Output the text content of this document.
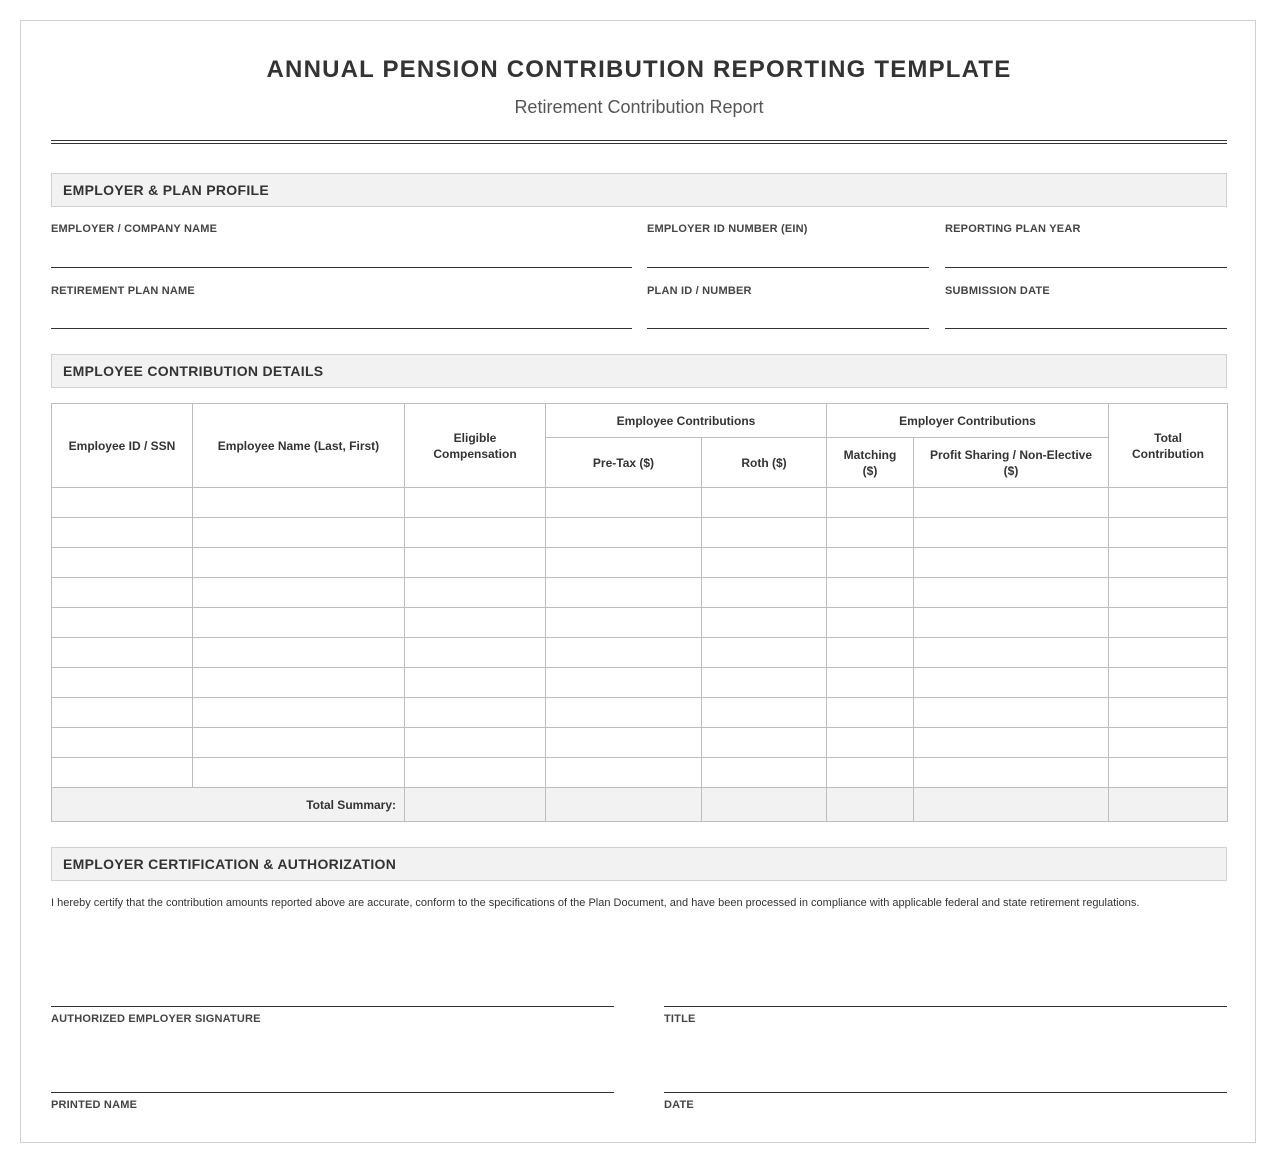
ANNUAL PENSION CONTRIBUTION REPORTING TEMPLATE
Retirement Contribution Report
EMPLOYER & PLAN PROFILE
EMPLOYER / COMPANY NAME	EMPLOYER ID NUMBER (EIN)	REPORTING PLAN YEAR
RETIREMENT PLAN NAME	PLAN ID / NUMBER	SUBMISSION DATE
EMPLOYEE CONTRIBUTION DETAILS
Employee ID / SSN	Employee Name (Last, First)	Eligible Compensation	Employee Contributions		Employer Contributions		Total Contribution

			Pre-Tax ($)	Roth ($)	Matching ($)	Profit Sharing / Non-Elective ($)	

Total Summary:							
EMPLOYER CERTIFICATION & AUTHORIZATION
I hereby certify that the contribution amounts reported above are accurate, conform to the specifications of the Plan Document, and have been processed in compliance with applicable federal and state retirement regulations.
AUTHORIZED EMPLOYER SIGNATURE	TITLE
PRINTED NAME	DATE
